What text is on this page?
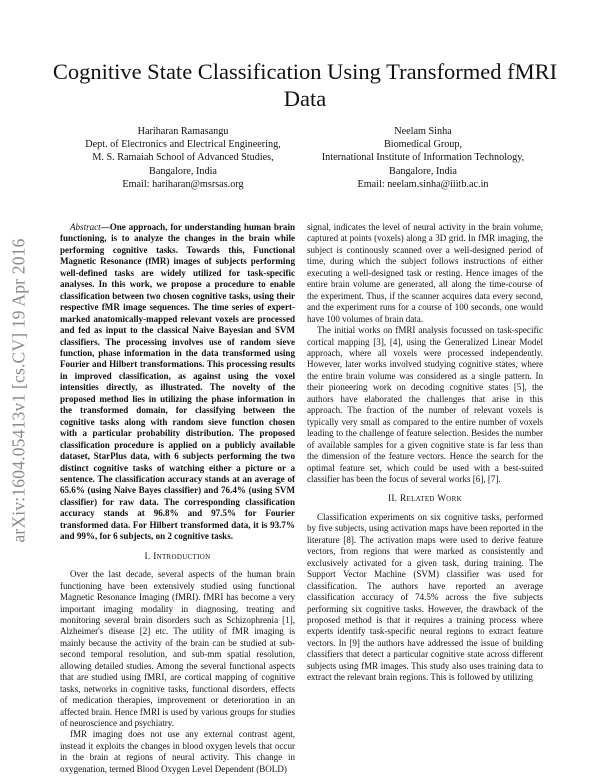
arXiv:1604.05413v1 [cs.CV] 19 Apr 2016
Cognitive State Classification Using Transformed fMRI Data
Hariharan Ramasangu
Dept. of Electronics and Electrical Engineering,
M. S. Ramaiah School of Advanced Studies,
Bangalore, India
Email: hariharan@msrsas.org
Neelam Sinha
Biomedical Group,
International Institute of Information Technology,
Bangalore, India
Email: neelam.sinha@iiitb.ac.in

Abstract—One approach, for understanding human brain functioning, is to analyze the changes in the brain while performing cognitive tasks. Towards this, Functional Magnetic Resonance (fMR) images of subjects performing well-defined tasks are widely utilized for task-specific analyses. In this work, we propose a procedure to enable classification between two chosen cognitive tasks, using their respective fMR image sequences. The time series of expert-marked anatomically-mapped relevant voxels are processed and fed as input to the classical Naive Bayesian and SVM classifiers. The processing involves use of random sieve function, phase information in the data transformed using Fourier and Hilbert transformations. This processing results in improved classification, as against using the voxel intensities directly, as illustrated. The novelty of the proposed method lies in utilizing the phase information in the transformed domain, for classifying between the cognitive tasks along with random sieve function chosen with a particular probability distribution. The proposed classification procedure is applied on a publicly available dataset, StarPlus data, with 6 subjects performing the two distinct cognitive tasks of watching either a picture or a sentence. The classification accuracy stands at an average of 65.6% (using Naive Bayes classifier) and 76.4% (using SVM classifier) for raw data. The corresponding classification accuracy stands at 96.8% and 97.5% for Fourier transformed data. For Hilbert transformed data, it is 93.7% and 99%, for 6 subjects, on 2 cognitive tasks.

I. Introduction

Over the last decade, several aspects of the human brain functioning have been extensively studied using functional Magnetic Resonance Imaging (fMRI). fMRI has become a very important imaging modality in diagnosing, treating and monitoring several brain disorders such as Schizophrenia [1], Alzheimer's disease [2] etc. The utility of fMR imaging is mainly because the activity of the brain can be studied at sub-second temporal resolution, and sub-mm spatial resolution, allowing detailed studies. Among the several functional aspects that are studied using fMRI, are cortical mapping of cognitive tasks, networks in cognitive tasks, functional disorders, effects of medication therapies, improvement or deterioration in an affected brain. Hence fMRI is used by various groups for studies of neuroscience and psychiatry.

fMR imaging does not use any external contrast agent, instead it exploits the changes in blood oxygen levels that occur in the brain at regions of neural activity. This change in oxygenation, termed Blood Oxygen Level Dependent (BOLD)

signal, indicates the level of neural activity in the brain volume, captured at points (voxels) along a 3D grid. In fMR imaging, the subject is continously scanned over a well-designed period of time, during which the subject follows instructions of either executing a well-designed task or resting. Hence images of the entire brain volume are generated, all along the time-course of the experiment. Thus, if the scanner acquires data every second, and the experiment runs for a course of 100 seconds, one would have 100 volumes of brain data.

The initial works on fMRI analysis focussed on task-specific cortical mapping [3], [4], using the Generalized Linear Model approach, where all voxels were processed independently. However, later works involved studying cognitive states, where the entire brain volume was considered as a single pattern. In their pioneering work on decoding cognitive states [5], the authors have elaborated the challenges that arise in this approach. The fraction of the number of relevant voxels is typically very small as compared to the entire number of voxels leading to the challenge of feature selection. Besides the number of available samples for a given cognitive state is far less than the dimension of the feature vectors. Hence the search for the optimal feature set, which could be used with a best-suited classifier has been the focus of several works [6], [7].

II. Related Work

Classification experiments on six cognitive tasks, performed by five subjects, using activation maps have been reported in the literature [8]. The activation maps were used to derive feature vectors, from regions that were marked as consistently and exclusively activated for a given task, during training. The Support Vector Machine (SVM) classifier was used for classification. The authors have reported an average classification accuracy of 74.5% across the five subjects performing six cognitive tasks. However, the drawback of the proposed method is that it requires a training process where experts identify task-specific neural regions to extract feature vectors. In [9] the authors have addressed the issue of building classifiers that detect a particular cognitive state across different subjects using fMR images. This study also uses training data to extract the relevant brain regions. This is followed by utilizing
